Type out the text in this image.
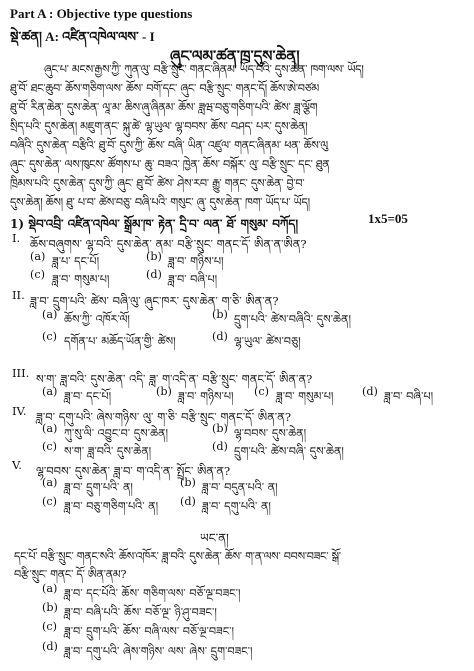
Part A : Objective type questions
སྡེ་ཚན། A: འཛིན་འཁེལ་ལས་ - I
ཞུང་ལམ་ཚན་ཁྲ་དུས་ཆེན།
ཞུང་པ་ མངས་རྒྱས་ཀྱི་ ཀུན་ལུ་ བརྩི་སྲུང་ གནང་ཞིནམ་ ཡོད་པའི་ དུས་ཆེན་ ཁག་ལས་ ཡོད།
ཐུ་བོ་ ཐང་ཆུབ་ ཆོས་གཅིག་ལས་ ཆོས་ བགོ་དང་ ཞུང་ བརྩི་སྲུང་ གནང་དོ། ཆོས་ཨེ་བཙམ
ཐུ་བོ་ རིན་ཆེན་ དུས་ཆེན་ ལཱ་མ་ ཆིས་ཞུ་ཞིནམ་ ཆོས་ ཟླཝ་བཅུ་གཅིག་པའི་ ཚེས་ ཟླ་ལྕོག
སྲིད་པའི་ དུས་ཆེན། མཇུག་ནང་ སྐུ་ཚེ་ ལྷ་ཡུལ་ ལྷ་བབས་ ཆོས་ བཤད་ པར་ དུས་ཆེན།
བཞིའི་ དུས་ཆེན་ བརྩིའི་ ཐུ་བོ་ དུས་ཀྱི་ ཆོས་ བཞི་ ཡིན་ འཛུལ་ གནང་ཞིནམ་ ཕན་ ཆོས་ལུ
ཞུང་ དུས་ཆེན་ ལས་ཁུངས་ ཚོགས་པ་ ཆུ་ བཟའ་ ཁྱེན་ ཆོས་ བསྐོར་ ལུ་ བརྩི་སྲུང་ དང་ ཐུན
ཁྲིམས་པའི་ དུས་ཆེན་ དུས་ཀྱི་ ཞུང་ ཐུ་བོ་ ཚེས་ ཤེས་རབ་ རྒྱུ་ གནང་ དུས་ཆེན་ བྱེ་བ་
དུས་ཆེན། ཆོས། ཐུ་ པ་བ་ ཚེས་བཅུ་ བཞི་པའི་ གསུང་ ཞུ་ དུས་ཆེན་ ཁག་ ཡོད་པ་ ཡོད།
1) སྡེབ་འབྲི་ འཛིན་འཁེལ་ སྒྲོམ་ཁ་ རྟེན་ དྲི་བ་ ལན་ ཐོ་ གསུམ་ བཀོད།	1x5=05
I. ཆོས་བཞུགས་ ལྷ་བའི་ དུས་ཆེན་ ནམ་ བརྩི་སྲུང་ གནང་དོ་ ཨིན་ན་ཨིན?
(a) ཟླ་པ་ དང་པོ།	(b) ཟླ་བ་ གཉིས་པ།
(c) ཟླ་བ་ གསུམ་པ།	(d) ཟླ་བ་ བཞི་པ།
II. ཟླ་བ་ དྲུག་པའི་ ཚེས་ བཞི་ལུ་ ཞུང་ཁར་ དུས་ཆེན་ ག་ཅི་ ཨིན་ན?
(a) ཆོས་ཀྱི་ འཁོར་ལོ།	(b) དྲུག་པའི་ ཚེས་བཞིའི་ དུས་ཆེན།
(c) དགོན་པ་ མཆོད་ཡོན་གྱི་ ཚེས།	(d) ལྷ་ཡུལ་ ཚེས་བཅུ།
III. ས་ག་ ཟླ་བའི་ དུས་ཆེན་ འདི་ ཟླ་ ག་འདི་ན་ བརྩི་སྲུང་ གནང་དོ་ ཨིན་ན?
(a) ཟླ་བ་ དང་པོ།	(b) ཟླ་བ་ གཉིས་པ། (c) ཟླ་བ་ གསུམ་པ།	(d) ཟླ་བ་ བཞི་པ།
IV. ཟླ་བ་ དགུ་པའི་ ཞེས་གཉིས་ ལུ་ ག་ཅི་ བརྩི་སྲུང་ གནང་དོ་ ཨིན་ན?
(a) ཀུ་སུ་ལི་ འབྱུང་བ་ དུས་ཆེན།	(b) ལྷ་བབས་ དུས་ཆེན།
(c) ས་ག་ ཟླ་བའི་ དུས་ཆེན།	(d) དྲུག་པའི་ ཚེས་བཞི་ དུས་ཆེན།
V. ལྷ་བབས་ དུས་ཆེན་ ཟླ་བ་ ག་འདི་ན་ སྤྲོང་ ཨིན་ན?
(a) ཟླ་བ་ དྲུག་པའི་ ན།	(b) ཟླ་བ་ བདུན་པའི་ ན།
(c) ཟླ་བ་ བཅུ་གཅིག་པའི་ ན། (d) ཟླ་བ་ དགུ་པའི་ ན།
ཡང་ན།
དང་པོ་ བརྩི་སྲུང་ གནང་སའི་ ཆོས་འཁོར་ ཟླ་བའི་ དུས་ཆེན་ ཆོས་ ག་ན་ལས་ བབས་བཟང་ སྒོ་
བརྩི་སྲུང་ གནང་ དོ་ ཨིན་ནམ?
(a) ཟླ་བ་ དང་པོའི་ ཆོས་ གཅིག་ལས་ བཅོ་ལྔ་བཟང་།
(b) ཟླ་བ་ བཞི་པའི་ ཆོས་ བཅོ་ལྔ་ ཉི་ཤུ་བཟང་།
(c) ཟླ་བ་ དྲུག་པའི་ ཆོས་ བཞི་ལས་ བཅོ་ལྔ་བཟང་།
(d) ཟླ་བ་ དགུ་པའི་ ཞེས་གཉིས་ ལས་ ཞེས་ དྲུག་བཟང་།
